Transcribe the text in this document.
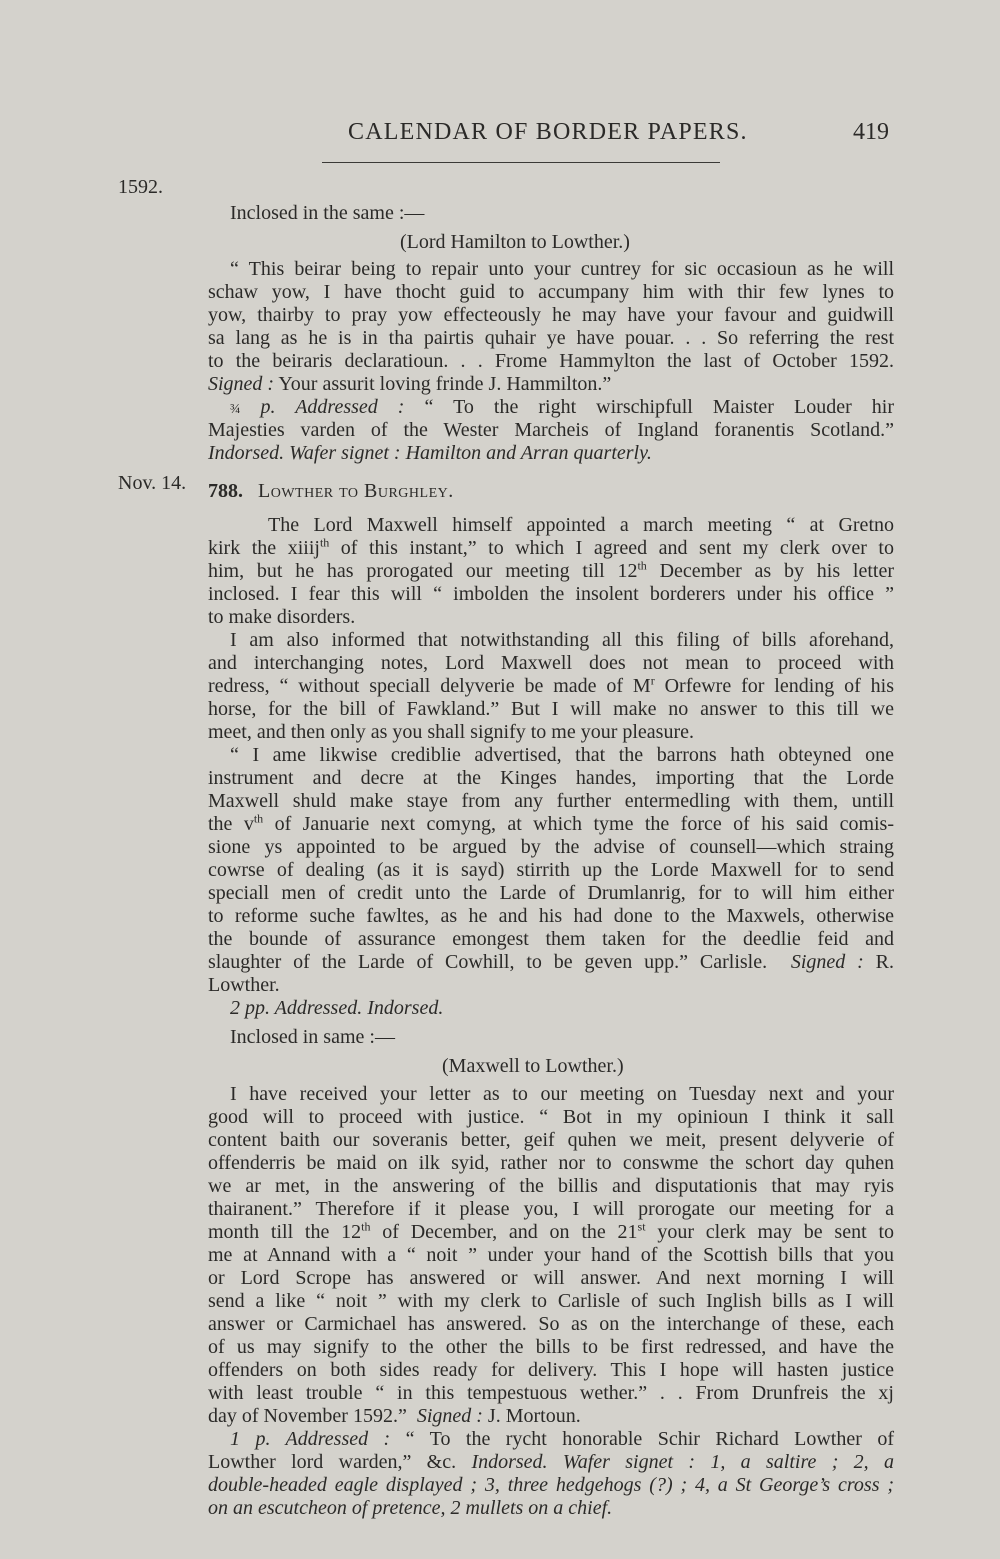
CALENDAR OF BORDER PAPERS.	419
1592.
Nov. 14.
Inclosed in the same :—
(Lord Hamilton to Lowther.)
“ This beirar being to repair unto your cuntrey for sic occasioun as he will
schaw yow, I have thocht guid to accumpany him with thir few lynes to
yow, thairby to pray yow effecteously he may have your favour and guidwill
sa lang as he is in tha pairtis quhair ye have pouar. . . So referring the rest
to the beiraris declaratioun. . . Frome Hammylton the last of October 1592.
Signed : Your assurit loving frinde J. Hammilton.”
¾ p. Addressed : “ To the right wirschipfull Maister Louder hir
Majesties varden of the Wester Marcheis of Ingland foranentis Scotland.”
Indorsed. Wafer signet : Hamilton and Arran quarterly.
788. Lowther to Burghley.
The Lord Maxwell himself appointed a march meeting “ at Gretno
kirk the xiiij$^{th}$ of this instant,” to which I agreed and sent my clerk over to
him, but he has prorogated our meeting till 12th December as by his letter
inclosed. I fear this will “ imbolden the insolent borderers under his office ”
to make disorders.
I am also informed that notwithstanding all this filing of bills aforehand,
and interchanging notes, Lord Maxwell does not mean to proceed with
redress, “ without speciall delyverie be made of $M^r$ Orfewre for lending of his
horse, for the bill of Fawkland.” But I will make no answer to this till we
meet, and then only as you shall signify to me your pleasure.
“ I ame likwise crediblie advertised, that the barrons hath obteyned one
instrument and decre at the Kinges handes, importing that the Lorde
Maxwell shuld make staye from any further entermedling with them, untill
the $v^{th}$ of Januarie next comyng, at which tyme the force of his said comis-
sione ys appointed to be argued by the advise of counsell—which straing
cowrse of dealing (as it is sayd) stirrith up the Lorde Maxwell for to send
speciall men of credit unto the Larde of Drumlanrig, for to will him either
to reforme suche fawltes, as he and his had done to the Maxwels, otherwise
the bounde of assurance emongest them taken for the deedlie feid and
slaughter of the Larde of Cowhill, to be geven upp.” Carlisle. Signed : R.
Lowther.
2 pp. Addressed. Indorsed.
Inclosed in same :—
(Maxwell to Lowther.)
I have received your letter as to our meeting on Tuesday next and your
good will to proceed with justice. “ Bot in my opinioun I think it sall
content baith our soveranis better, geif quhen we meit, present delyverie of
offenderris be maid on ilk syid, rather nor to conswme the schort day quhen
we ar met, in the answering of the billis and disputationis that may ryis
thairanent.” Therefore if it please you, I will prorogate our meeting for a
month till the 12th of December, and on the 21st your clerk may be sent to
me at Annand with a “ noit ” under your hand of the Scottish bills that you
or Lord Scrope has answered or will answer. And next morning I will
send a like “ noit ” with my clerk to Carlisle of such Inglish bills as I will
answer or Carmichael has answered. So as on the interchange of these, each
of us may signify to the other the bills to be first redressed, and have the
offenders on both sides ready for delivery. This I hope will hasten justice
with least trouble “ in this tempestuous wether.” . . From Drunfreis the xj
day of November 1592.” Signed : J. Mortoun.
1 p. Addressed : “ To the rycht honorable Schir Richard Lowther of
Lowther lord warden,” &c. Indorsed. Wafer signet : 1, a saltire ; 2, a
double-headed eagle displayed ; 3, three hedgehogs (?) ; 4, a St George’s cross ;
on an escutcheon of pretence, 2 mullets on a chief.
